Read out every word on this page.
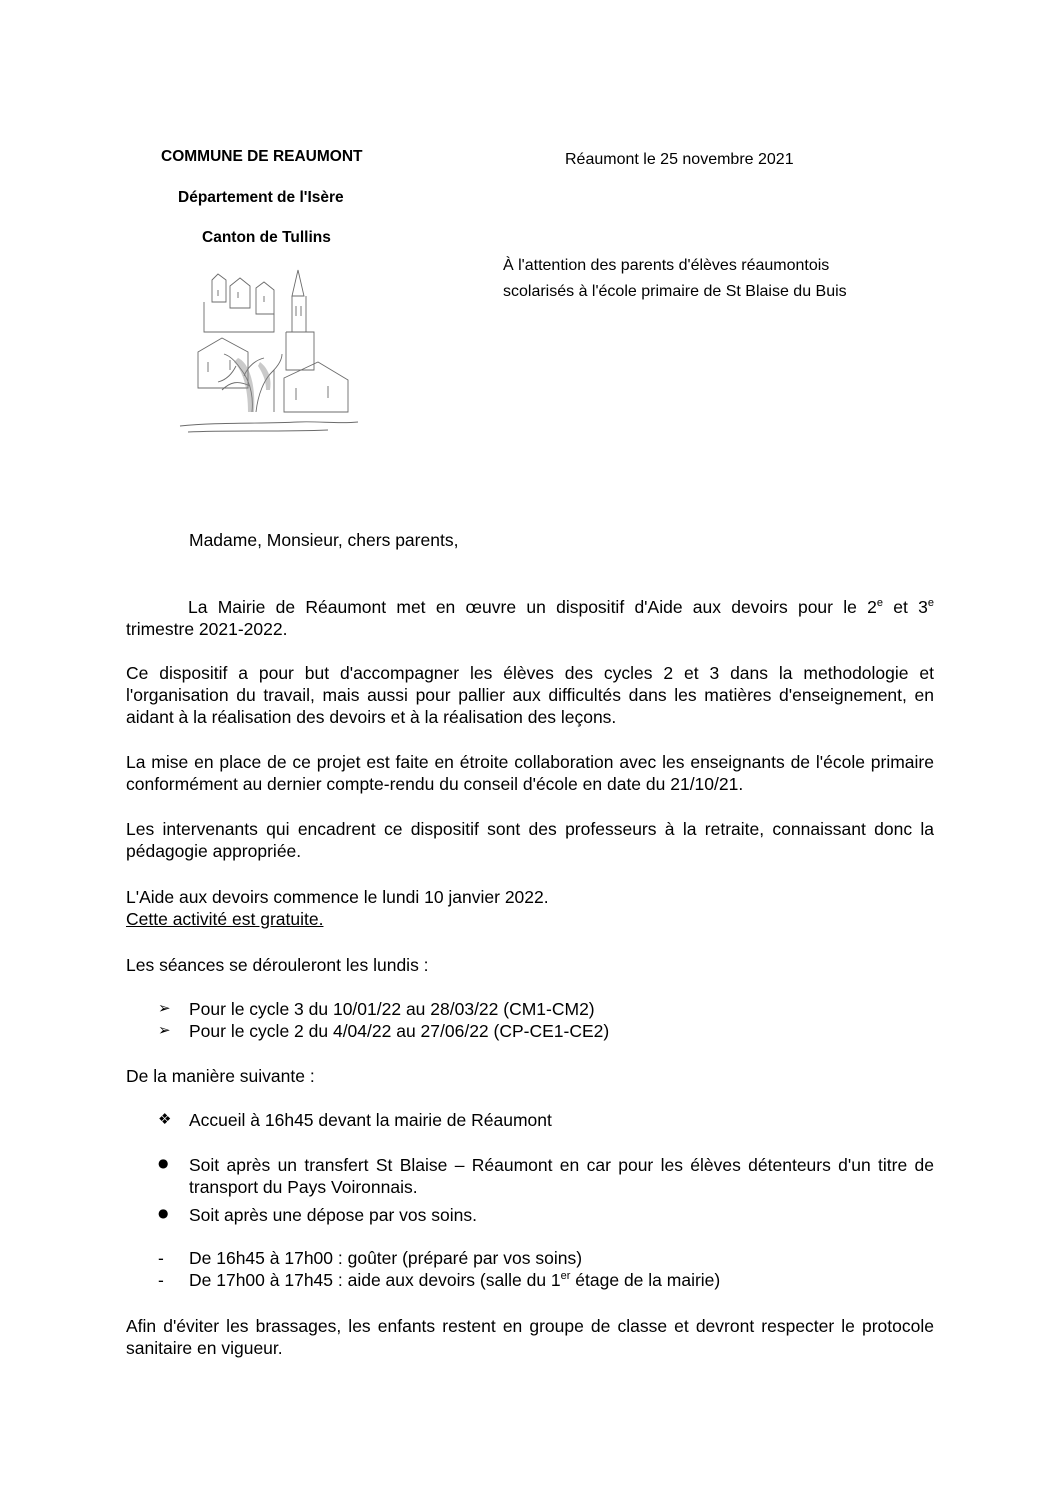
COMMUNE DE REAUMONT
Département de l'Isère
Canton de Tullins
Réaumont le 25 novembre 2021
À l'attention des parents d'élèves réaumontois
scolarisés à l'école primaire de St Blaise du Buis
Madame, Monsieur, chers parents,
La Mairie de Réaumont met en œuvre un dispositif d'Aide aux devoirs pour le 2e et 3e
trimestre 2021-2022.
Ce dispositif a pour but d'accompagner les élèves des cycles 2 et 3 dans la methodologie et l'organisation du travail, mais aussi pour pallier aux difficultés dans les matières d'enseignement, en aidant à la réalisation des devoirs et à la réalisation des leçons.
La mise en place de ce projet est faite en étroite collaboration avec les enseignants de l'école primaire conformément au dernier compte-rendu du conseil d'école en date du 21/10/21.
Les intervenants qui encadrent ce dispositif sont des professeurs à la retraite, connaissant donc la pédagogie appropriée.
L'Aide aux devoirs commence le lundi 10 janvier 2022.
Cette activité est gratuite.
Les séances se dérouleront les lundis :
➢ Pour le cycle 3 du 10/01/22 au 28/03/22 (CM1-CM2)
➢ Pour le cycle 2 du 4/04/22 au 27/06/22 (CP-CE1-CE2)
De la manière suivante :
❖ Accueil à 16h45 devant la mairie de Réaumont
● Soit après un transfert St Blaise – Réaumont en car pour les élèves détenteurs d'un titre de transport du Pays Voironnais.
● Soit après une dépose par vos soins.
- De 16h45 à 17h00 : goûter (préparé par vos soins)
- De 17h00 à 17h45 : aide aux devoirs (salle du 1er étage de la mairie)
Afin d'éviter les brassages, les enfants restent en groupe de classe et devront respecter le protocole sanitaire en vigueur.
